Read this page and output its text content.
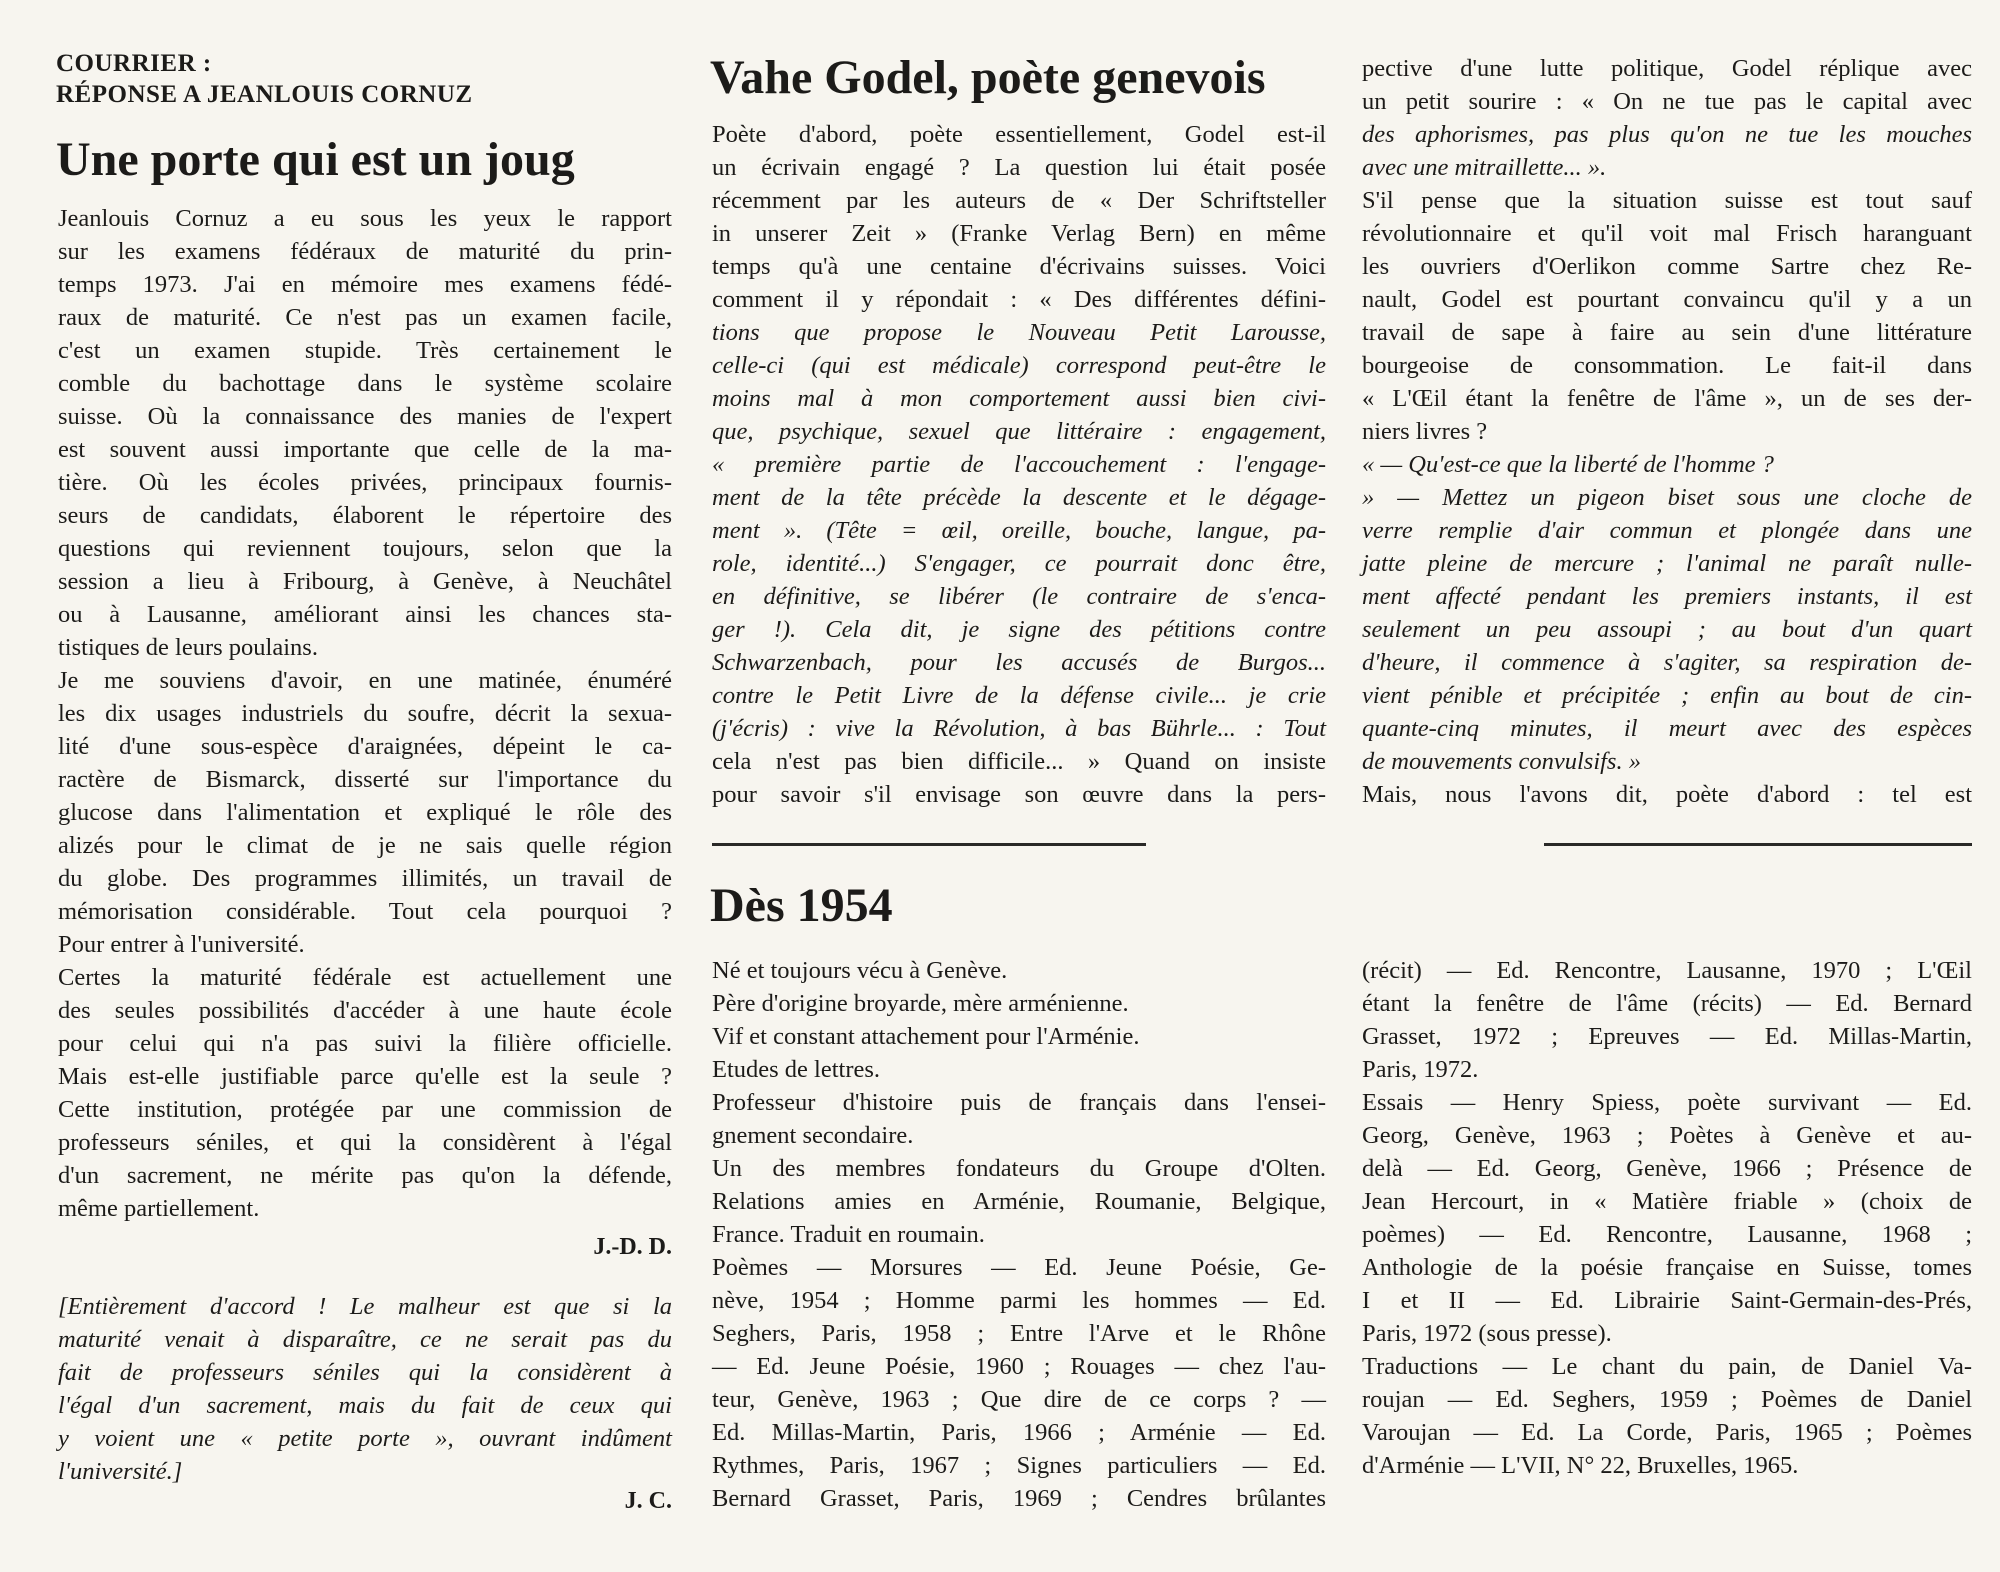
COURRIER :
RÉPONSE A JEANLOUIS CORNUZ
Une porte qui est un joug
Jeanlouis Cornuz a eu sous les yeux le rapport
sur les examens fédéraux de maturité du prin-
temps 1973. J'ai en mémoire mes examens fédé-
raux de maturité. Ce n'est pas un examen facile,
c'est un examen stupide. Très certainement le
comble du bachottage dans le système scolaire
suisse. Où la connaissance des manies de l'expert
est souvent aussi importante que celle de la ma-
tière. Où les écoles privées, principaux fournis-
seurs de candidats, élaborent le répertoire des
questions qui reviennent toujours, selon que la
session a lieu à Fribourg, à Genève, à Neuchâtel
ou à Lausanne, améliorant ainsi les chances sta-
tistiques de leurs poulains.
Je me souviens d'avoir, en une matinée, énuméré
les dix usages industriels du soufre, décrit la sexua-
lité d'une sous-espèce d'araignées, dépeint le ca-
ractère de Bismarck, disserté sur l'importance du
glucose dans l'alimentation et expliqué le rôle des
alizés pour le climat de je ne sais quelle région
du globe. Des programmes illimités, un travail de
mémorisation considérable. Tout cela pourquoi ?
Pour entrer à l'université.
Certes la maturité fédérale est actuellement une
des seules possibilités d'accéder à une haute école
pour celui qui n'a pas suivi la filière officielle.
Mais est-elle justifiable parce qu'elle est la seule ?
Cette institution, protégée par une commission de
professeurs séniles, et qui la considèrent à l'égal
d'un sacrement, ne mérite pas qu'on la défende,
même partiellement.
J.-D. D.
[Entièrement d'accord ! Le malheur est que si la
maturité venait à disparaître, ce ne serait pas du
fait de professeurs séniles qui la considèrent à
l'égal d'un sacrement, mais du fait de ceux qui
y voient une « petite porte », ouvrant indûment
l'université.]
J. C.
Vahe Godel, poète genevois
Poète d'abord, poète essentiellement, Godel est-il
un écrivain engagé ? La question lui était posée
récemment par les auteurs de « Der Schriftsteller
in unserer Zeit » (Franke Verlag Bern) en même
temps qu'à une centaine d'écrivains suisses. Voici
comment il y répondait : « Des différentes défini-
tions que propose le Nouveau Petit Larousse,
celle-ci (qui est médicale) correspond peut-être le
moins mal à mon comportement aussi bien civi-
que, psychique, sexuel que littéraire : engagement,
« première partie de l'accouchement : l'engage-
ment de la tête précède la descente et le dégage-
ment ». (Tête = œil, oreille, bouche, langue, pa-
role, identité...) S'engager, ce pourrait donc être,
en définitive, se libérer (le contraire de s'enca-
ger !). Cela dit, je signe des pétitions contre
Schwarzenbach, pour les accusés de Burgos...
contre le Petit Livre de la défense civile... je crie
(j'écris) : vive la Révolution, à bas Bührle... : Tout
cela n'est pas bien difficile... » Quand on insiste
pour savoir s'il envisage son œuvre dans la pers-
pective d'une lutte politique, Godel réplique avec
un petit sourire : « On ne tue pas le capital avec
des aphorismes, pas plus qu'on ne tue les mouches
avec une mitraillette... ».
S'il pense que la situation suisse est tout sauf
révolutionnaire et qu'il voit mal Frisch haranguant
les ouvriers d'Oerlikon comme Sartre chez Re-
nault, Godel est pourtant convaincu qu'il y a un
travail de sape à faire au sein d'une littérature
bourgeoise de consommation. Le fait-il dans
« L'Œil étant la fenêtre de l'âme », un de ses der-
niers livres ?
« — Qu'est-ce que la liberté de l'homme ?
» — Mettez un pigeon biset sous une cloche de
verre remplie d'air commun et plongée dans une
jatte pleine de mercure ; l'animal ne paraît nulle-
ment affecté pendant les premiers instants, il est
seulement un peu assoupi ; au bout d'un quart
d'heure, il commence à s'agiter, sa respiration de-
vient pénible et précipitée ; enfin au bout de cin-
quante-cinq minutes, il meurt avec des espèces
de mouvements convulsifs. »
Mais, nous l'avons dit, poète d'abord : tel est
Dès 1954
Né et toujours vécu à Genève.
Père d'origine broyarde, mère arménienne.
Vif et constant attachement pour l'Arménie.
Etudes de lettres.
Professeur d'histoire puis de français dans l'ensei-
gnement secondaire.
Un des membres fondateurs du Groupe d'Olten.
Relations amies en Arménie, Roumanie, Belgique,
France. Traduit en roumain.
Poèmes — Morsures — Ed. Jeune Poésie, Ge-
nève, 1954 ; Homme parmi les hommes — Ed.
Seghers, Paris, 1958 ; Entre l'Arve et le Rhône
— Ed. Jeune Poésie, 1960 ; Rouages — chez l'au-
teur, Genève, 1963 ; Que dire de ce corps ? —
Ed. Millas-Martin, Paris, 1966 ; Arménie — Ed.
Rythmes, Paris, 1967 ; Signes particuliers — Ed.
Bernard Grasset, Paris, 1969 ; Cendres brûlantes
(récit) — Ed. Rencontre, Lausanne, 1970 ; L'Œil
étant la fenêtre de l'âme (récits) — Ed. Bernard
Grasset, 1972 ; Epreuves — Ed. Millas-Martin,
Paris, 1972.
Essais — Henry Spiess, poète survivant — Ed.
Georg, Genève, 1963 ; Poètes à Genève et au-
delà — Ed. Georg, Genève, 1966 ; Présence de
Jean Hercourt, in « Matière friable » (choix de
poèmes) — Ed. Rencontre, Lausanne, 1968 ;
Anthologie de la poésie française en Suisse, tomes
I et II — Ed. Librairie Saint-Germain-des-Prés,
Paris, 1972 (sous presse).
Traductions — Le chant du pain, de Daniel Va-
roujan — Ed. Seghers, 1959 ; Poèmes de Daniel
Varoujan — Ed. La Corde, Paris, 1965 ; Poèmes
d'Arménie — L'VII, N° 22, Bruxelles, 1965.
